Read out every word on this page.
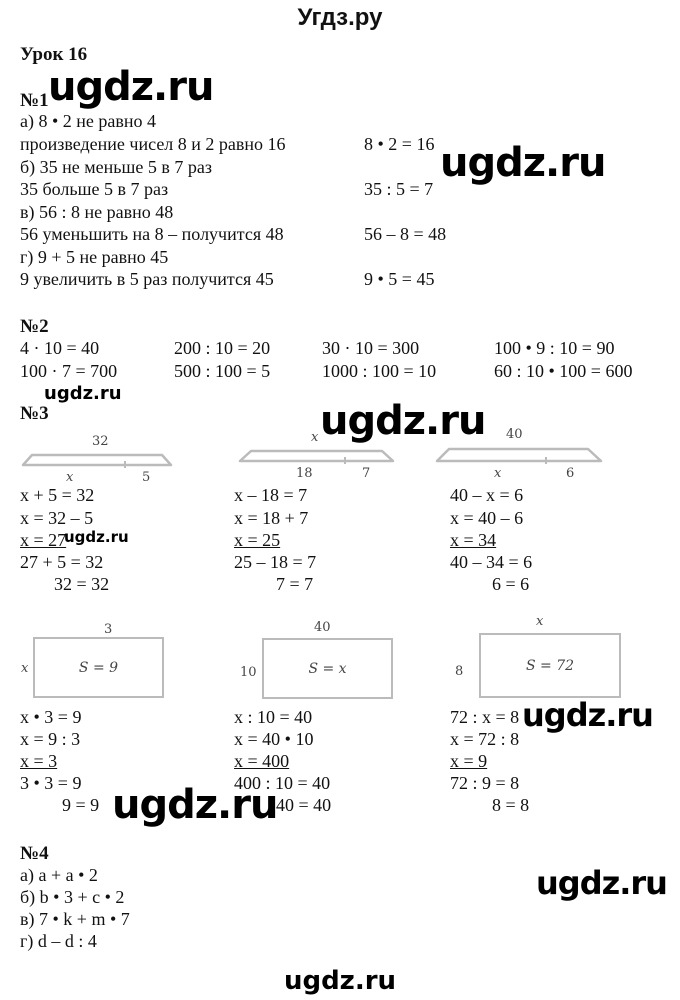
Угдз.ру
Урок 16
№1 ugdz.ru
а) 8 • 2 не равно 4
произведение чисел 8 и 2 равно 16	8 • 2 = 16
б) 35 не меньше 5 в 7 раз
35 больше 5 в 7 раз	35 : 5 = 7
в) 56 : 8 не равно 48
56 уменьшить на 8 – получится 48	56 – 8 = 48
г) 9 + 5 не равно 45
9 увеличить в 5 раз получится 45	9 • 5 = 45
ugdz.ru
№2
4 · 10 = 40	200 : 10 = 20	30 · 10 = 300	100 • 9 : 10 = 90
100 · 7 = 700	500 : 100 = 5	1000 : 100 = 10	60 : 10 • 100 = 600
ugdz.ru
№3	ugdz.ru
32
x	5
x
18	7
40
x	6
x + 5 = 32
x = 32 – 5
x = 27
27 + 5 = 32
32 = 32
ugdz.ru
x – 18 = 7
x = 18 + 7
x = 25
25 – 18 = 7
7 = 7
40 – x = 6
x = 40 – 6
x = 34
40 – 34 = 6
6 = 6
3
x	S = 9
40
10	S = x
x
8	S = 72
x • 3 = 9
x = 9 : 3
x = 3
3 • 3 = 9
9 = 9
x : 10 = 40
x = 40 • 10
x = 400
400 : 10 = 40
40 = 40
ugdz.ru
72 : x = 8
x = 72 : 8
x = 9
72 : 9 = 8
8 = 8
ugdz.ru
№4
а) a + a • 2
б) b • 3 + c • 2
в) 7 • k + m • 7
г) d – d : 4
ugdz.ru
ugdz.ru
